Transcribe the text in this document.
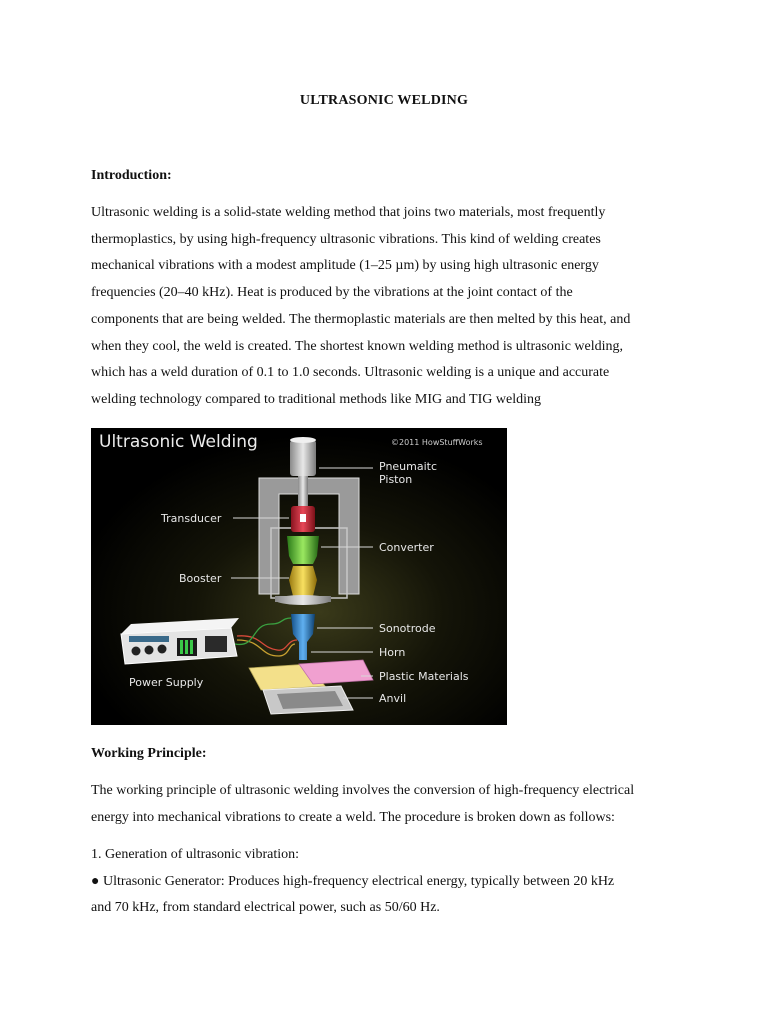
ULTRASONIC WELDING
Introduction:

Ultrasonic welding is a solid-state welding method that joins two materials, most frequently
thermoplastics, by using high-frequency ultrasonic vibrations. This kind of welding creates
mechanical vibrations with a modest amplitude (1–25 µm) by using high ultrasonic energy
frequencies (20–40 kHz). Heat is produced by the vibrations at the joint contact of the
components that are being welded. The thermoplastic materials are then melted by this heat, and
when they cool, the weld is created. The shortest known welding method is ultrasonic welding,
which has a weld duration of 0.1 to 1.0 seconds. Ultrasonic welding is a unique and accurate
welding technology compared to traditional methods like MIG and TIG welding

Ultrasonic Welding	©2011 HowStuffWorks
Pneumaitc
Piston
Transducer
Converter
Booster
Sonotrode
Horn
Plastic Materials
Anvil
Power Supply
Working Principle:

The working principle of ultrasonic welding involves the conversion of high-frequency electrical
energy into mechanical vibrations to create a weld. The procedure is broken down as follows:

1. Generation of ultrasonic vibration:
● Ultrasonic Generator: Produces high-frequency electrical energy, typically between 20 kHz
and 70 kHz, from standard electrical power, such as 50/60 Hz.
